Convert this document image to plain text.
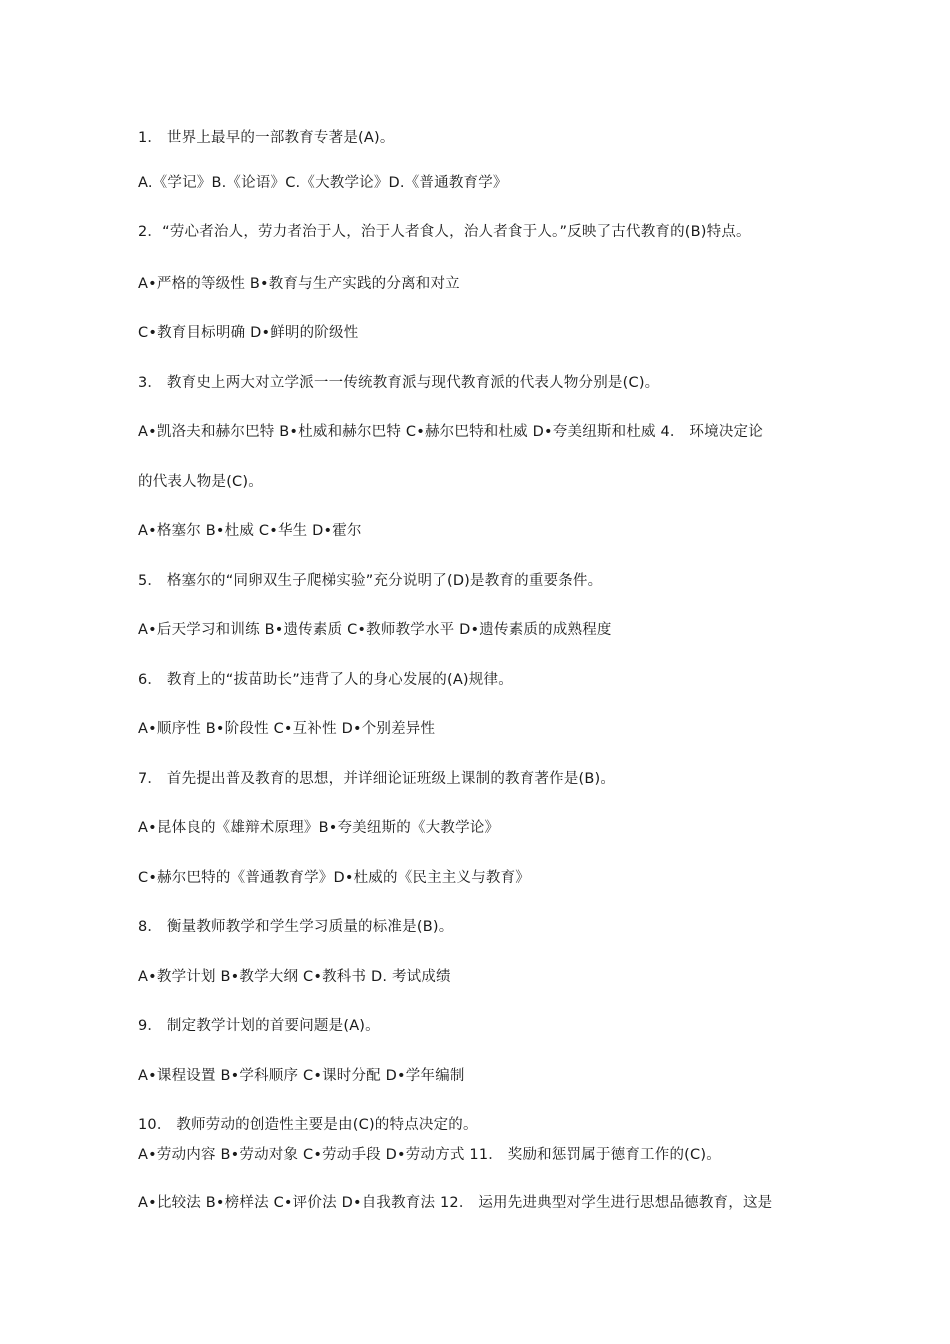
1． 世界上最早的一部教育专著是(A)。

A.《学记》B.《论语》C.《大教学论》D.《普通教育学》

2．“劳心者治人，劳力者治于人，治于人者食人，治人者食于人。”反映了古代教育的(B)特点。

A•严格的等级性 B•教育与生产实践的分离和对立

C•教育目标明确 D•鲜明的阶级性

3． 教育史上两大对立学派一一传统教育派与现代教育派的代表人物分别是(C)。

A•凯洛夫和赫尔巴特 B•杜威和赫尔巴特 C•赫尔巴特和杜威 D•夸美纽斯和杜威 4． 环境决定论

的代表人物是(C)。

A•格塞尔 B•杜威 C•华生 D•霍尔

5． 格塞尔的“同卵双生子爬梯实验”充分说明了(D)是教育的重要条件。

A•后天学习和训练 B•遗传素质 C•教师教学水平 D•遗传素质的成熟程度

6． 教育上的“拔苗助长”违背了人的身心发展的(A)规律。

A•顺序性 B•阶段性 C•互补性 D•个别差异性

7． 首先提出普及教育的思想，并详细论证班级上课制的教育著作是(B)。

A•昆体良的《雄辩术原理》B•夸美纽斯的《大教学论》

C•赫尔巴特的《普通教育学》D•杜威的《民主主义与教育》

8． 衡量教师教学和学生学习质量的标准是(B)。

A•教学计划 B•教学大纲 C•教科书 D. 考试成绩

9． 制定教学计划的首要问题是(A)。

A•课程设置 B•学科顺序 C•课时分配 D•学年编制

10． 教师劳动的创造性主要是由(C)的特点决定的。

A•劳动内容 B•劳动对象 C•劳动手段 D•劳动方式 11． 奖励和惩罚属于德育工作的(C)。

A•比较法 B•榜样法 C•评价法 D•自我教育法 12． 运用先进典型对学生进行思想品德教育，这是
